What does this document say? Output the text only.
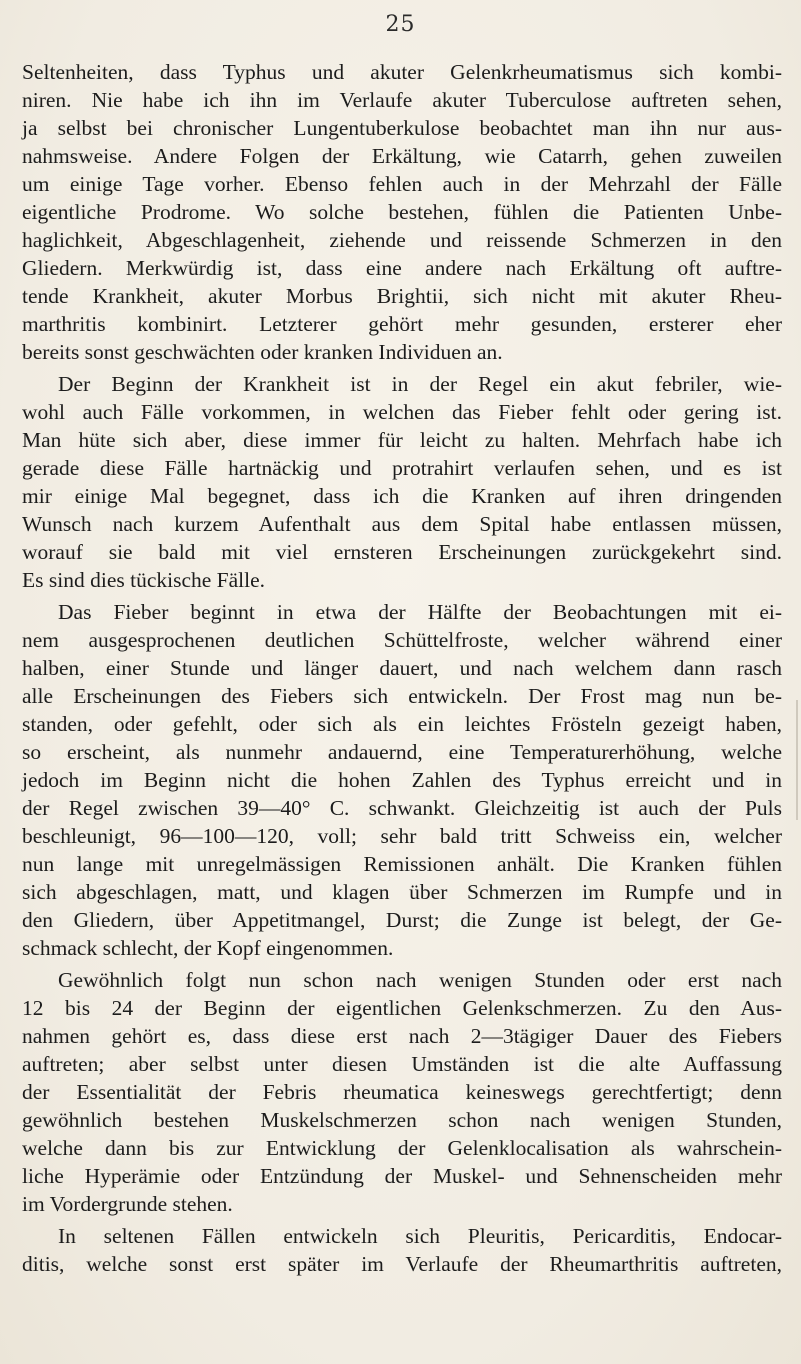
25
Seltenheiten, dass Typhus und akuter Gelenkrheumatismus sich kombi-
niren. Nie habe ich ihn im Verlaufe akuter Tuberculose auftreten sehen,
ja selbst bei chronischer Lungentuberkulose beobachtet man ihn nur aus-
nahmsweise. Andere Folgen der Erkältung, wie Catarrh, gehen zuweilen
um einige Tage vorher. Ebenso fehlen auch in der Mehrzahl der Fälle
eigentliche Prodrome. Wo solche bestehen, fühlen die Patienten Unbe-
haglichkeit, Abgeschlagenheit, ziehende und reissende Schmerzen in den
Gliedern. Merkwürdig ist, dass eine andere nach Erkältung oft auftre-
tende Krankheit, akuter Morbus Brightii, sich nicht mit akuter Rheu-
marthritis kombinirt. Letzterer gehört mehr gesunden, ersterer eher
bereits sonst geschwächten oder kranken Individuen an.
Der Beginn der Krankheit ist in der Regel ein akut febriler, wie-
wohl auch Fälle vorkommen, in welchen das Fieber fehlt oder gering ist.
Man hüte sich aber, diese immer für leicht zu halten. Mehrfach habe ich
gerade diese Fälle hartnäckig und protrahirt verlaufen sehen, und es ist
mir einige Mal begegnet, dass ich die Kranken auf ihren dringenden
Wunsch nach kurzem Aufenthalt aus dem Spital habe entlassen müssen,
worauf sie bald mit viel ernsteren Erscheinungen zurückgekehrt sind.
Es sind dies tückische Fälle.
Das Fieber beginnt in etwa der Hälfte der Beobachtungen mit ei-
nem ausgesprochenen deutlichen Schüttelfroste, welcher während einer
halben, einer Stunde und länger dauert, und nach welchem dann rasch
alle Erscheinungen des Fiebers sich entwickeln. Der Frost mag nun be-
standen, oder gefehlt, oder sich als ein leichtes Frösteln gezeigt haben,
so erscheint, als nunmehr andauernd, eine Temperaturerhöhung, welche
jedoch im Beginn nicht die hohen Zahlen des Typhus erreicht und in
der Regel zwischen 39—40° C. schwankt. Gleichzeitig ist auch der Puls
beschleunigt, 96—100—120, voll; sehr bald tritt Schweiss ein, welcher
nun lange mit unregelmässigen Remissionen anhält. Die Kranken fühlen
sich abgeschlagen, matt, und klagen über Schmerzen im Rumpfe und in
den Gliedern, über Appetitmangel, Durst; die Zunge ist belegt, der Ge-
schmack schlecht, der Kopf eingenommen.
Gewöhnlich folgt nun schon nach wenigen Stunden oder erst nach
12 bis 24 der Beginn der eigentlichen Gelenkschmerzen. Zu den Aus-
nahmen gehört es, dass diese erst nach 2—3tägiger Dauer des Fiebers
auftreten; aber selbst unter diesen Umständen ist die alte Auffassung
der Essentialität der Febris rheumatica keineswegs gerechtfertigt; denn
gewöhnlich bestehen Muskelschmerzen schon nach wenigen Stunden,
welche dann bis zur Entwicklung der Gelenklocalisation als wahrschein-
liche Hyperämie oder Entzündung der Muskel- und Sehnenscheiden mehr
im Vordergrunde stehen.
In seltenen Fällen entwickeln sich Pleuritis, Pericarditis, Endocar-
ditis, welche sonst erst später im Verlaufe der Rheumarthritis auftreten,
